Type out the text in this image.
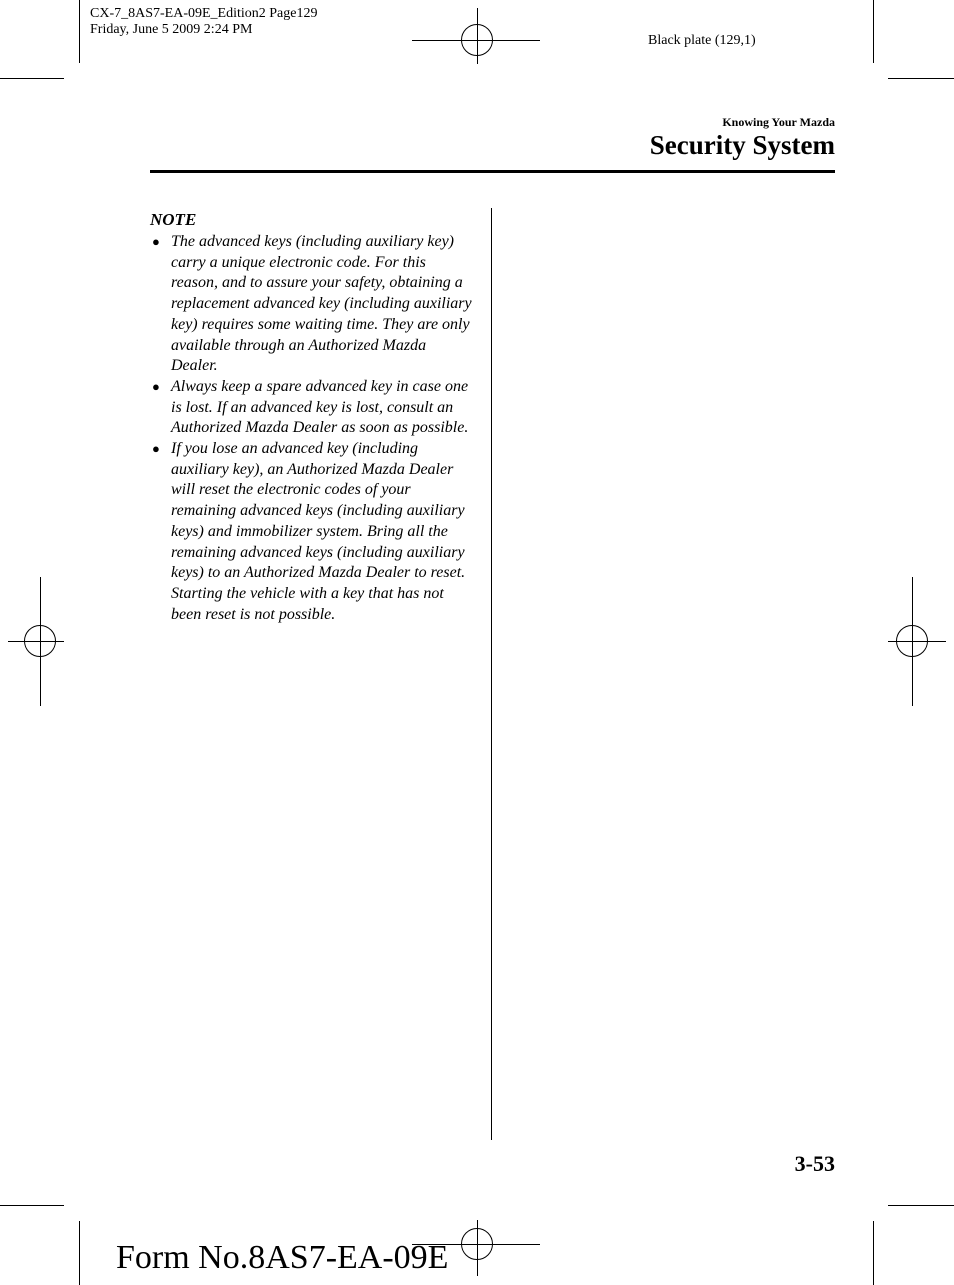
CX-7_8AS7-EA-09E_Edition2 Page129
Friday, June 5 2009 2:24 PM
Black plate (129,1)
Knowing Your Mazda
Security System
NOTE
● The advanced keys (including auxiliary key) carry a unique electronic code. For this reason, and to assure your safety, obtaining a replacement advanced key (including auxiliary key) requires some waiting time. They are only available through an Authorized Mazda Dealer.

● Always keep a spare advanced key in case one is lost. If an advanced key is lost, consult an Authorized Mazda Dealer as soon as possible.

● If you lose an advanced key (including auxiliary key), an Authorized Mazda Dealer will reset the electronic codes of your remaining advanced keys (including auxiliary keys) and immobilizer system. Bring all the remaining advanced keys (including auxiliary keys) to an Authorized Mazda Dealer to reset.

Starting the vehicle with a key that has not been reset is not possible.

3-53
Form No.8AS7-EA-09E
